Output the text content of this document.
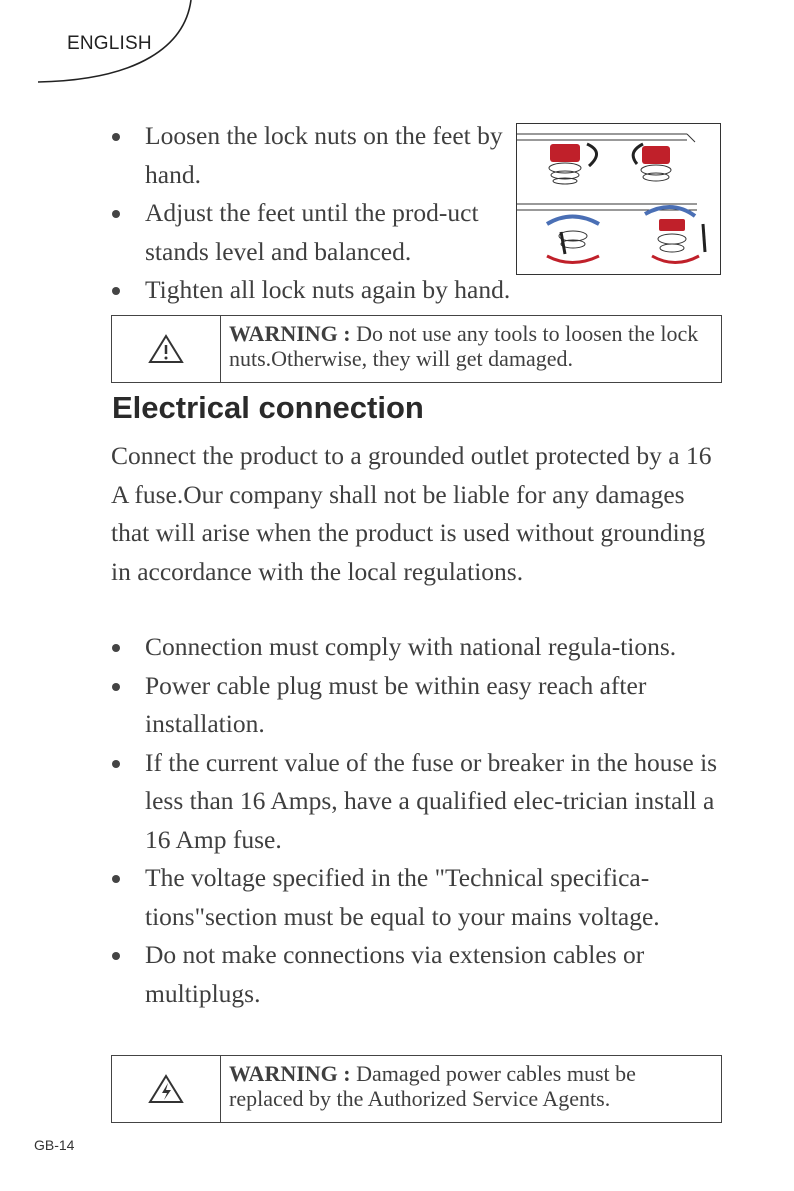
ENGLISH
Loosen the lock nuts on the feet by hand.
Adjust the feet until the prod-uct stands level and balanced.
Tighten all lock nuts again by hand.
WARNING : Do not use any tools to loosen the lock nuts.Otherwise, they will get damaged.
Electrical connection

Connect the product to a grounded outlet protected by a 16 A fuse.Our company shall not be liable for any damages that will arise when the product is used without grounding in accordance with the local regulations.

Connection must comply with national regula-tions.
Power cable plug must be within easy reach after installation.
If the current value of the fuse or breaker in the house is less than 16 Amps, have a qualified elec-trician install a 16 Amp fuse.
The voltage specified in the "Technical specifica-tions"section must be equal to your mains voltage.
Do not make connections via extension cables or multiplugs.
WARNING : Damaged power cables must be replaced by the Authorized Service Agents.
GB-14
